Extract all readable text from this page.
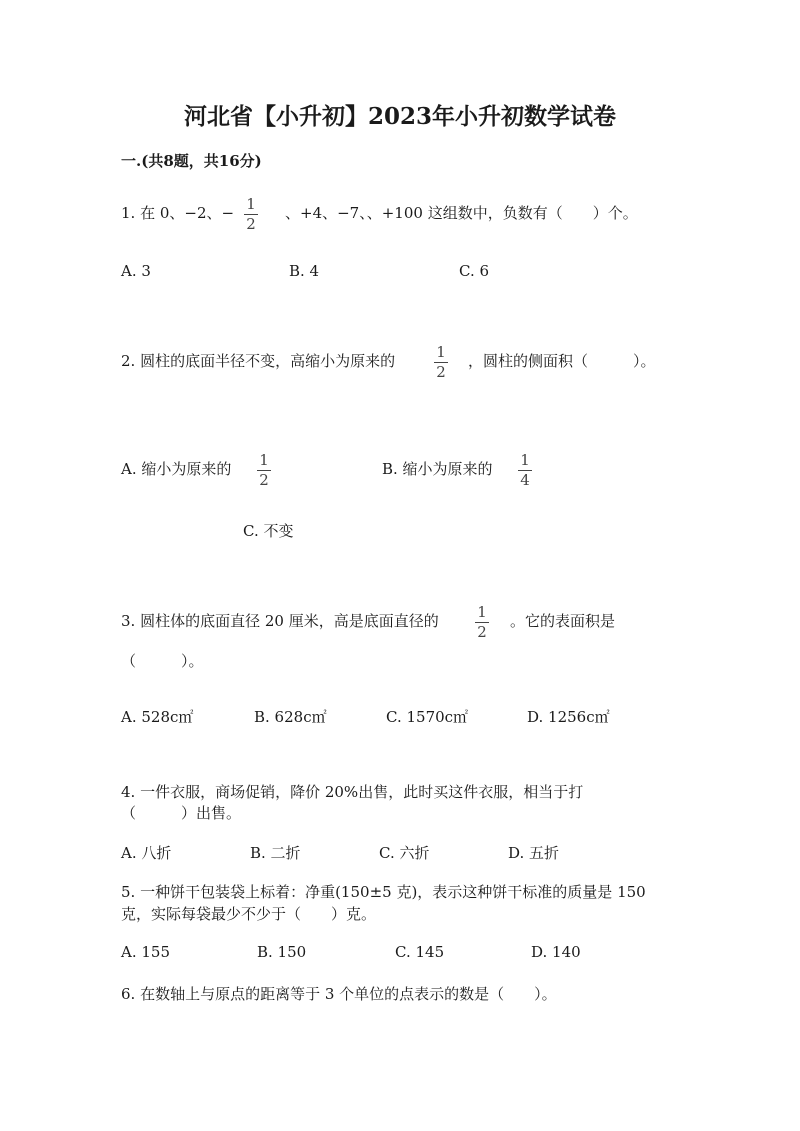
河北省【小升初】2023年小升初数学试卷
一.(共8题，共16分)
1. 在 0、−2、− 1
2
、+4、−7、、+100 这组数中，负数有（　　）个。
A. 3	B. 4	C. 6
2. 圆柱的底面半径不变，高缩小为原来的	1
2
，圆柱的侧面积（　　　）。
A. 缩小为原来的 1
2
B. 缩小为原来的 1
4
C. 不变
3. 圆柱体的底面直径 20 厘米，高是底面直径的	1
2
。它的表面积是
（　　　）。
A. 528c㎡	B. 628c㎡	C. 1570c㎡	D. 1256c㎡
4. 一件衣服，商场促销，降价 20%出售，此时买这件衣服，相当于打
（　　　）出售。
A. 八折	B. 二折	C. 六折	D. 五折
5. 一种饼干包装袋上标着：净重(150±5 克)，表示这种饼干标准的质量是 150
克，实际每袋最少不少于（　　）克。
A. 155	B. 150	C. 145	D. 140
6. 在数轴上与原点的距离等于 3 个单位的点表示的数是（　　）。
